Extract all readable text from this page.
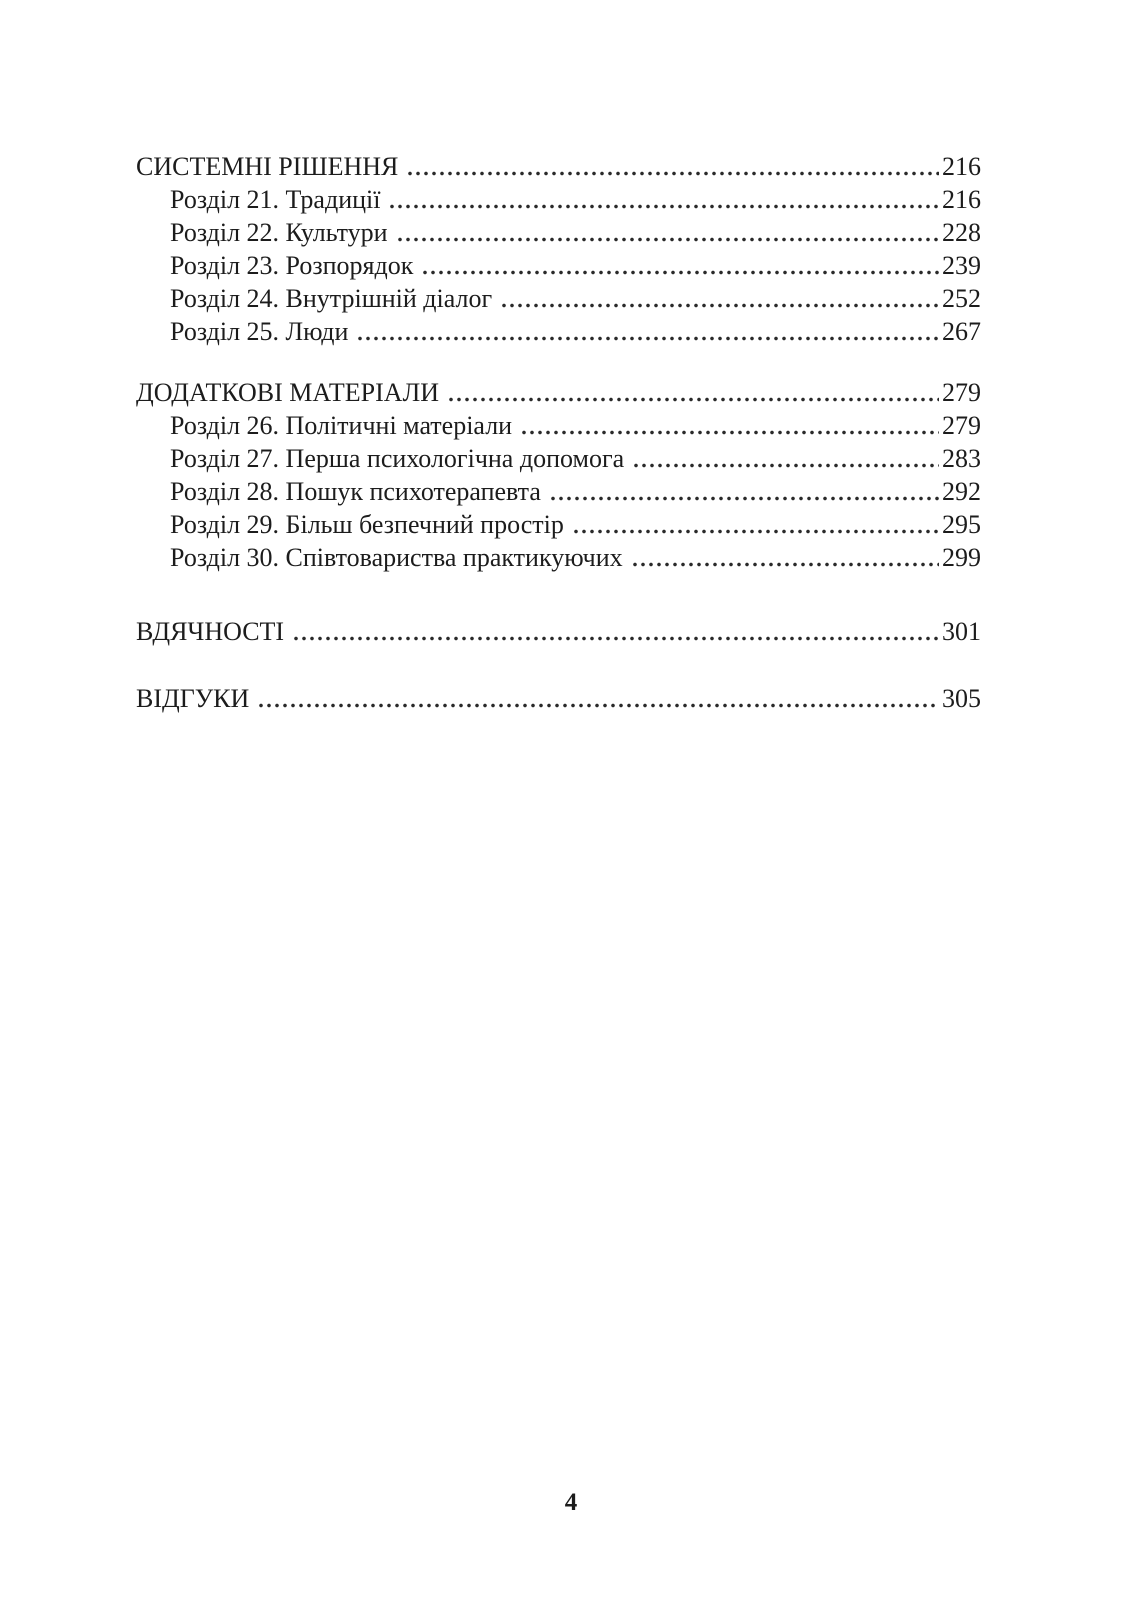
СИСТЕМНІ РІШЕННЯ	216
Розділ 21. Традиції	216
Розділ 22. Культури	228
Розділ 23. Розпорядок	239
Розділ 24. Внутрішній діалог	252
Розділ 25. Люди	267
ДОДАТКОВІ МАТЕРІАЛИ	279
Розділ 26. Політичні матеріали	279
Розділ 27. Перша психологічна допомога	283
Розділ 28. Пошук психотерапевта	292
Розділ 29. Більш безпечний простір	295
Розділ 30. Співтовариства практикуючих	299
ВДЯЧНОСТІ	301
ВІДГУКИ	305
4
